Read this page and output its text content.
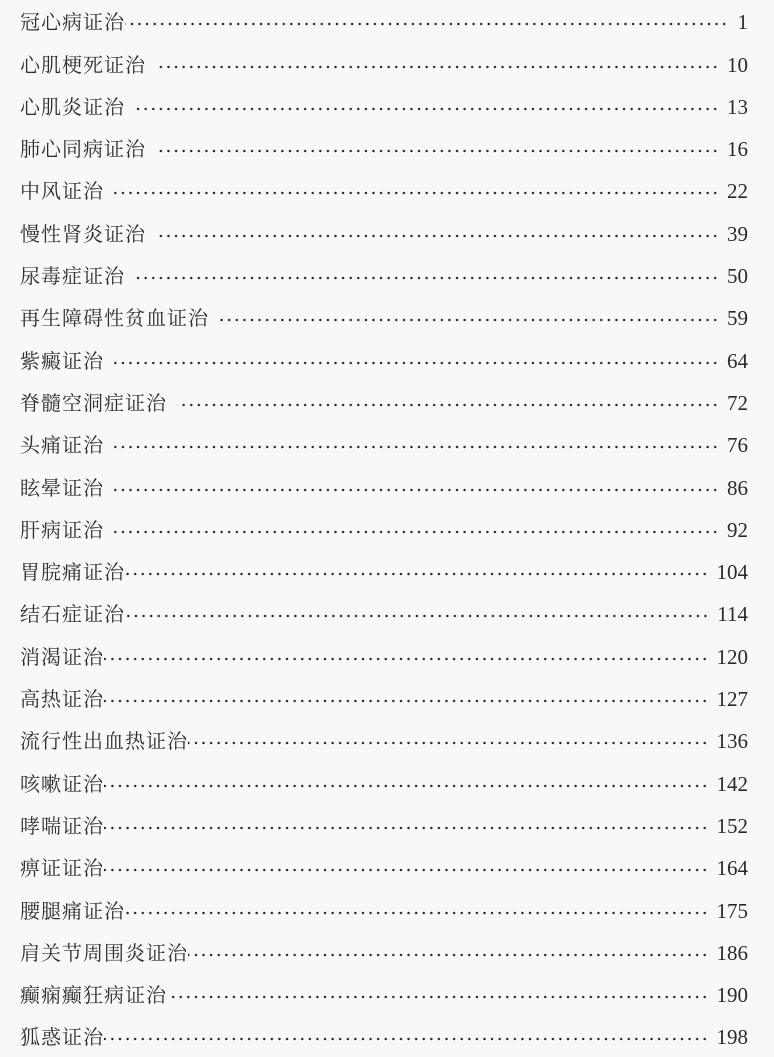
冠心病证治	1
心肌梗死证治	10
心肌炎证治	13
肺心同病证治	16
中风证治	22
慢性肾炎证治	39
尿毒症证治	50
再生障碍性贫血证治	59
紫癜证治	64
脊髓空洞症证治	72
头痛证治	76
眩晕证治	86
肝病证治	92
胃脘痛证治	104
结石症证治	114
消渴证治	120
高热证治	127
流行性出血热证治	136
咳嗽证治	142
哮喘证治	152
痹证证治	164
腰腿痛证治	175
肩关节周围炎证治	186
癫痫癫狂病证治	190
狐惑证治	198
